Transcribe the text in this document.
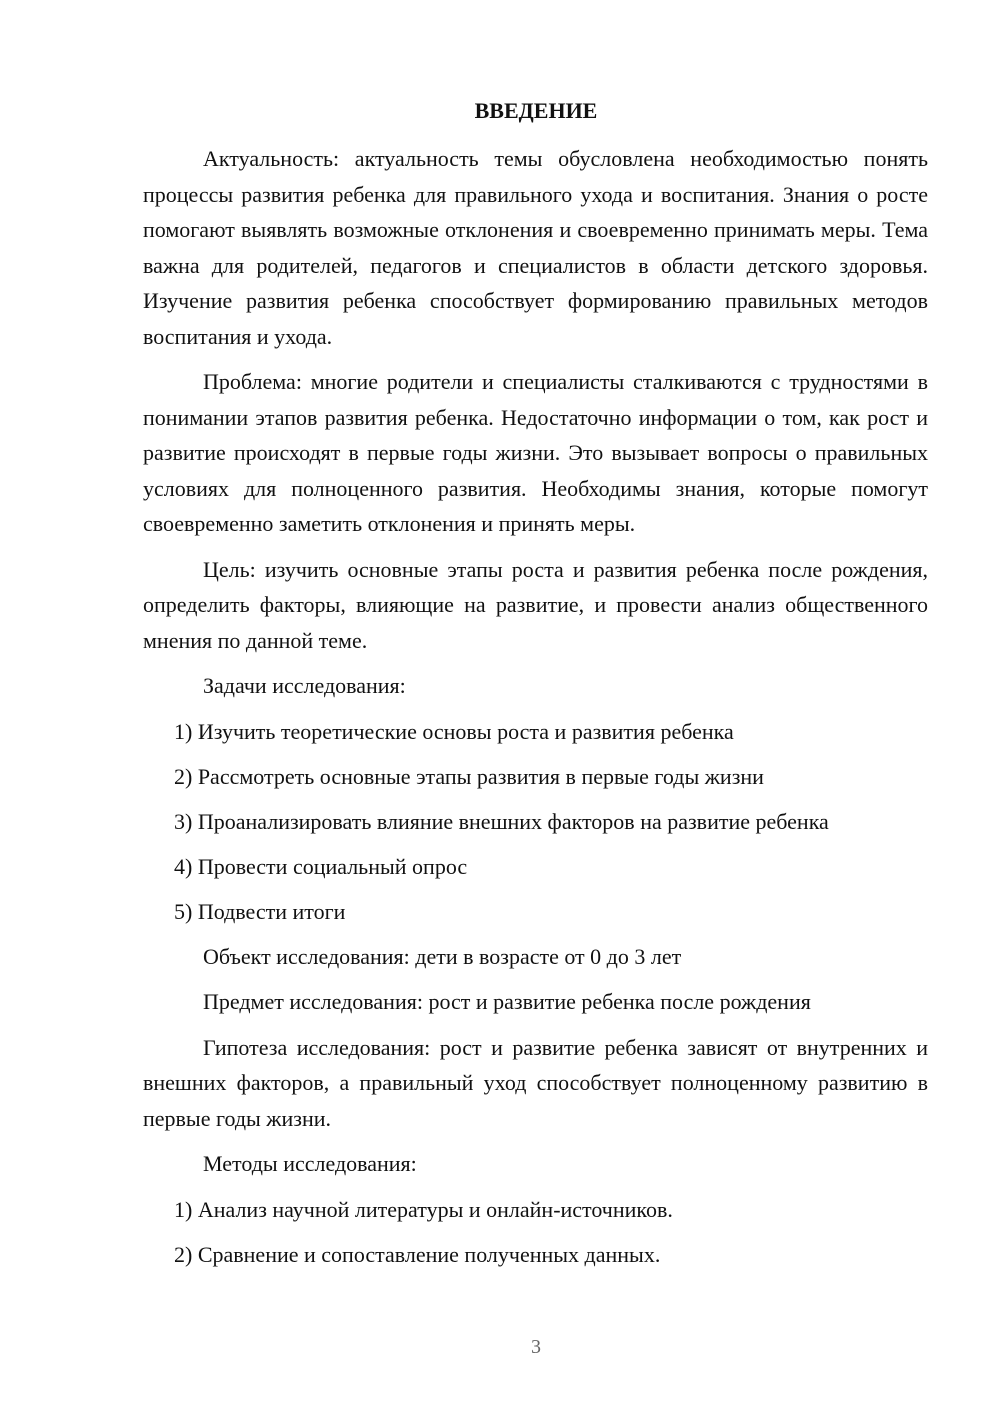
ВВЕДЕНИЕ

Актуальность: актуальность темы обусловлена необходимостью понять процессы развития ребенка для правильного ухода и воспитания. Знания о росте помогают выявлять возможные отклонения и своевременно принимать меры. Тема важна для родителей, педагогов и специалистов в области детского здоровья. Изучение развития ребенка способствует формированию правильных методов воспитания и ухода.

Проблема: многие родители и специалисты сталкиваются с трудностями в понимании этапов развития ребенка. Недостаточно информации о том, как рост и развитие происходят в первые годы жизни. Это вызывает вопросы о правильных условиях для полноценного развития. Необходимы знания, которые помогут своевременно заметить отклонения и принять меры.

Цель: изучить основные этапы роста и развития ребенка после рождения, определить факторы, влияющие на развитие, и провести анализ общественного мнения по данной теме.

Задачи исследования:

1) Изучить теоретические основы роста и развития ребенка

2) Рассмотреть основные этапы развития в первые годы жизни

3) Проанализировать влияние внешних факторов на развитие ребенка

4) Провести социальный опрос

5) Подвести итоги

Объект исследования: дети в возрасте от 0 до 3 лет

Предмет исследования: рост и развитие ребенка после рождения

Гипотеза исследования: рост и развитие ребенка зависят от внутренних и внешних факторов, а правильный уход способствует полноценному развитию в первые годы жизни.

Методы исследования:

1) Анализ научной литературы и онлайн-источников.

2) Сравнение и сопоставление полученных данных.

3
